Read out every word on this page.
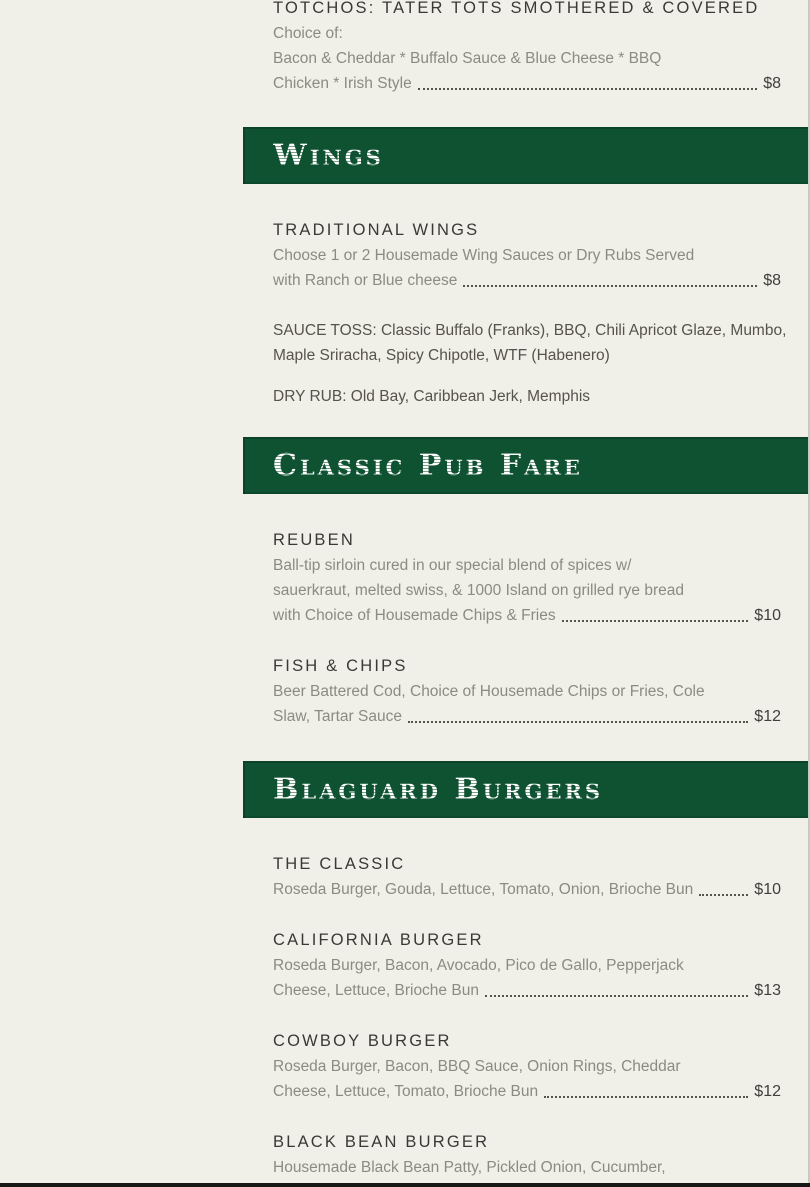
TOTCHOS: TATER TOTS SMOTHERED & COVERED
Choice of:
Bacon & Cheddar * Buffalo Sauce & Blue Cheese * BBQ
Chicken * Irish Style	$8
Wings
TRADITIONAL WINGS
Choose 1 or 2 Housemade Wing Sauces or Dry Rubs Served
with Ranch or Blue cheese	$8
SAUCE TOSS: Classic Buffalo (Franks), BBQ, Chili Apricot Glaze, Mumbo,
Maple Sriracha, Spicy Chipotle, WTF (Habenero)
DRY RUB: Old Bay, Caribbean Jerk, Memphis
Classic Pub Fare
REUBEN
Ball-tip sirloin cured in our special blend of spices w/
sauerkraut, melted swiss, & 1000 Island on grilled rye bread
with Choice of Housemade Chips & Fries	$10
FISH & CHIPS
Beer Battered Cod, Choice of Housemade Chips or Fries, Cole
Slaw, Tartar Sauce	$12
Blaguard Burgers
THE CLASSIC
Roseda Burger, Gouda, Lettuce, Tomato, Onion, Brioche Bun	$10
CALIFORNIA BURGER
Roseda Burger, Bacon, Avocado, Pico de Gallo, Pepperjack
Cheese, Lettuce, Brioche Bun	$13
COWBOY BURGER
Roseda Burger, Bacon, BBQ Sauce, Onion Rings, Cheddar
Cheese, Lettuce, Tomato, Brioche Bun	$12
BLACK BEAN BURGER
Housemade Black Bean Patty, Pickled Onion, Cucumber,
